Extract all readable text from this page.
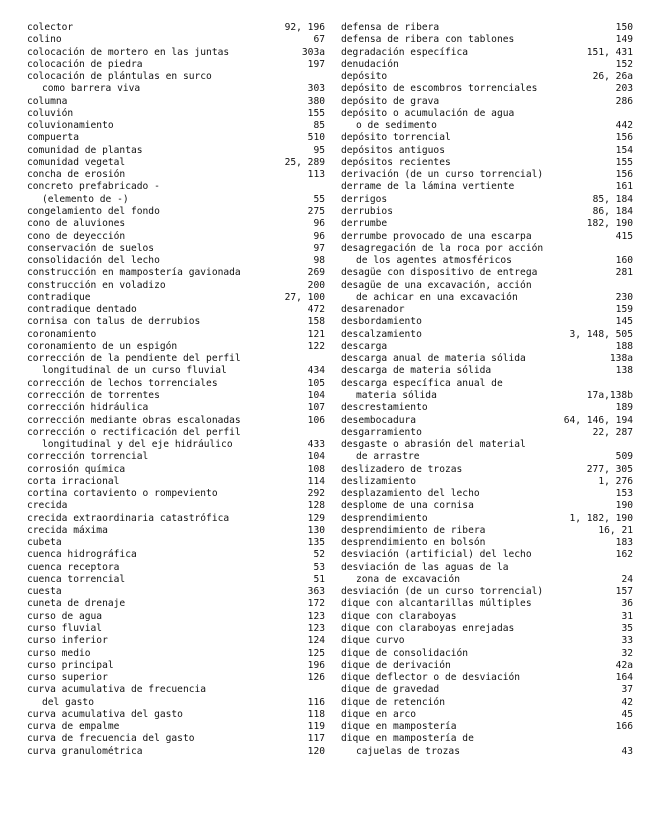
colector	92, 196
colino	67
colocación de mortero en las juntas	303a
colocación de piedra	197
colocación de plántulas en surco
como barrera viva	303
columna	380
coluvión	155
coluvionamiento	85
compuerta	510
comunidad de plantas	95
comunidad vegetal	25, 289
concha de erosión	113
concreto prefabricado -
(elemento de -)	55
congelamiento del fondo	275
cono de aluviones	96
cono de deyección	96
conservación de suelos	97
consolidación del lecho	98
construcción en mampostería gavionada	269
construcción en voladizo	200
contradique	27, 100
contradique dentado	472
cornisa con talus de derrubios	158
coronamiento	121
coronamiento de un espigón	122
corrección de la pendiente del perfil
longitudinal de un curso fluvial	434
corrección de lechos torrenciales	105
corrección de torrentes	104
corrección hidráulica	107
corrección mediante obras escalonadas	106
corrección o rectificación del perfil
longitudinal y del eje hidráulico	433
corrección torrencial	104
corrosión química	108
corta irracional	114
cortina cortaviento o rompeviento	292
crecida	128
crecida extraordinaria catastrófica	129
crecida máxima	130
cubeta	135
cuenca hidrográfica	52
cuenca receptora	53
cuenca torrencial	51
cuesta	363
cuneta de drenaje	172
curso de agua	123
curso fluvial	123
curso inferior	124
curso medio	125
curso principal	196
curso superior	126
curva acumulativa de frecuencia
del gasto	116
curva acumulativa del gasto	118
curva de empalme	119
curva de frecuencia del gasto	117
curva granulométrica	120
defensa de ribera	150
defensa de ribera con tablones	149
degradación específica	151, 431
denudación	152
depósito	26, 26a
depósito de escombros torrenciales	203
depósito de grava	286
depósito o acumulación de agua
o de sedimento	442
depósito torrencial	156
depósitos antiguos	154
depósitos recientes	155
derivación (de un curso torrencial)	156
derrame de la lámina vertiente	161
derrigos	85, 184
derrubios	86, 184
derrumbe	182, 190
derrumbe provocado de una escarpa	415
desagregación de la roca por acción
de los agentes atmosféricos	160
desagüe con dispositivo de entrega	281
desagüe de una excavación, acción
de achicar en una excavación	230
desarenador	159
desbordamiento	145
descalzamiento	3, 148, 505
descarga	188
descarga anual de materia sólida	138a
descarga de materia sólida	138
descarga específica anual de
materia sólida	17a,138b
descrestamiento	189
desembocadura	64, 146, 194
desgarramiento	22, 287
desgaste o abrasión del material
de arrastre	509
deslizadero de trozas	277, 305
deslizamiento	1, 276
desplazamiento del lecho	153
desplome de una cornisa	190
desprendimiento	1, 182, 190
desprendimiento de ribera	16, 21
desprendimiento en bolsón	183
desviación (artificial) del lecho	162
desviación de las aguas de la
zona de excavación	24
desviación (de un curso torrencial)	157
dique con alcantarillas múltiples	36
dique con claraboyas	31
dique con claraboyas enrejadas	35
dique curvo	33
dique de consolidación	32
dique de derivación	42a
dique deflector o de desviación	164
dique de gravedad	37
dique de retención	42
dique en arco	45
dique en mampostería	166
dique en mampostería de
cajuelas de trozas	43
